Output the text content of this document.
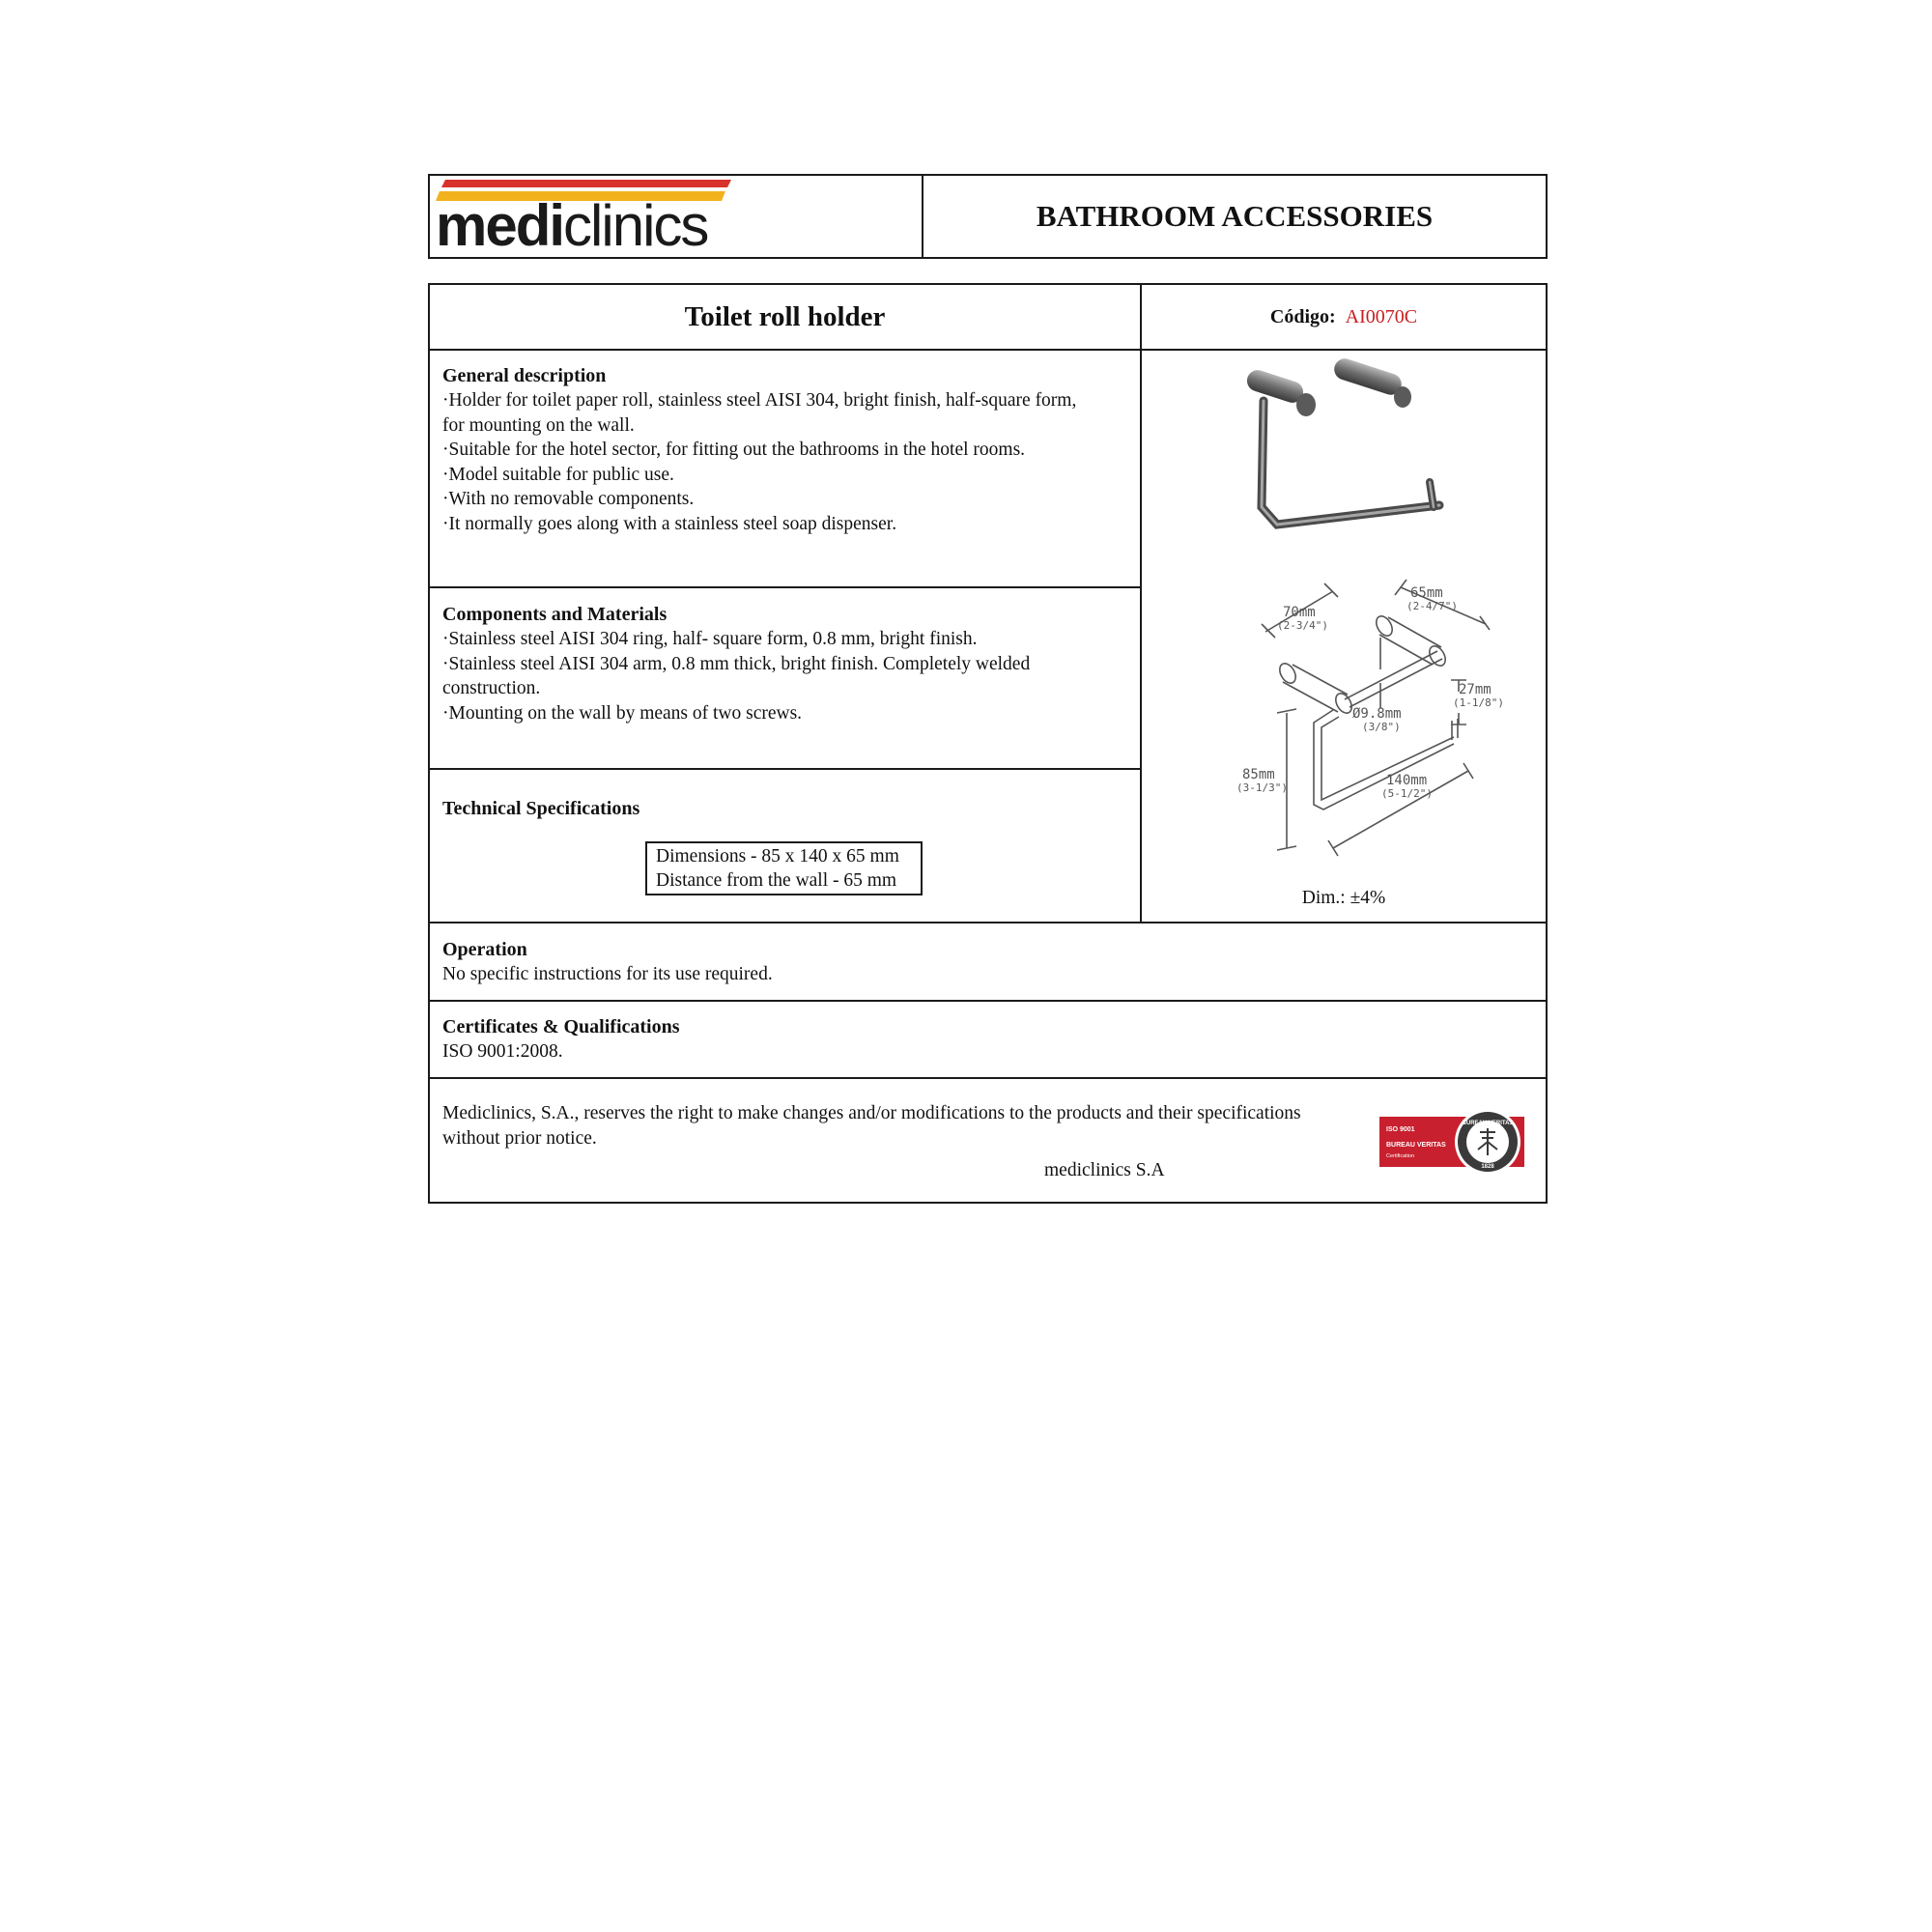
mediclinics	BATHROOM ACCESSORIES
Toilet roll holder	Código: AI0070C
General description
·Holder for toilet paper roll, stainless steel AISI 304, bright finish, half-square form,
for mounting on the wall.
·Suitable for the hotel sector, for fitting out the bathrooms in the hotel rooms.
·Model suitable for public use.
·With no removable components.
·It normally goes along with a stainless steel soap dispenser.
Components and Materials
·Stainless steel AISI 304 ring, half- square form, 0.8 mm, bright finish.
·Stainless steel AISI 304 arm, 0.8 mm thick, bright finish. Completely welded
construction.
·Mounting on the wall by means of two screws.
Technical Specifications
Dimensions - 85 x 140 x 65 mm
Distance from the wall - 65 mm
65mm
(2-4/7")
70mm
(2-3/4")
27mm
(1-1/8")
Ø9.8mm
(3/8")
85mm
(3-1/3")	140mm
(5-1/2")
Dim.: ±4%
Operation
No specific instructions for its use required.
Certificates & Qualifications
ISO 9001:2008.
Mediclinics, S.A., reserves the right to make changes and/or modifications to the products and their specifications
without prior notice.
mediclinics S.A
ISO 9001
BUREAU VERITAS
Certification
BUREAU VERITAS
1828
